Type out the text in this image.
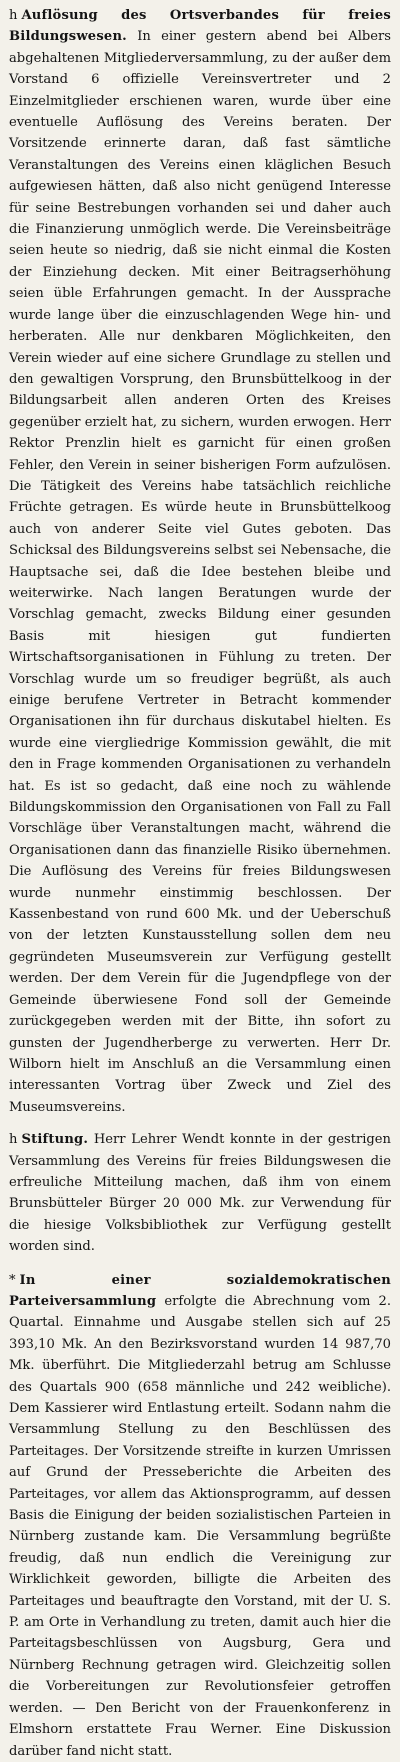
h Auflösung des Ortsverbandes für freies Bildungswesen. In einer gestern abend bei Albers abgehaltenen Mitgliederversammlung, zu der außer dem Vorstand 6 offizielle Vereinsvertreter und 2 Einzelmitglieder erschienen waren, wurde über eine eventuelle Auflösung des Vereins beraten. Der Vorsitzende erinnerte daran, daß fast sämtliche Veranstaltungen des Vereins einen kläglichen Besuch aufgewiesen hätten, daß also nicht genügend Interesse für seine Bestrebungen vorhanden sei und daher auch die Finanzierung unmöglich werde. Die Vereinsbeiträge seien heute so niedrig, daß sie nicht einmal die Kosten der Einziehung decken. Mit einer Beitragserhöhung seien üble Erfahrungen gemacht. In der Aussprache wurde lange über die einzuschlagenden Wege hin- und herberaten. Alle nur denkbaren Möglichkeiten, den Verein wieder auf eine sichere Grundlage zu stellen und den gewaltigen Vorsprung, den Brunsbüttelkoog in der Bildungsarbeit allen anderen Orten des Kreises gegenüber erzielt hat, zu sichern, wurden erwogen. Herr Rektor Prenzlin hielt es garnicht für einen großen Fehler, den Verein in seiner bisherigen Form aufzulösen. Die Tätigkeit des Vereins habe tatsächlich reichliche Früchte getragen. Es würde heute in Brunsbüttelkoog auch von anderer Seite viel Gutes geboten. Das Schicksal des Bildungsvereins selbst sei Nebensache, die Hauptsache sei, daß die Idee bestehen bleibe und weiterwirke. Nach langen Beratungen wurde der Vorschlag gemacht, zwecks Bildung einer gesunden Basis mit hiesigen gut fundierten Wirtschaftsorganisationen in Fühlung zu treten. Der Vorschlag wurde um so freudiger begrüßt, als auch einige berufene Vertreter in Betracht kommender Organisationen ihn für durchaus diskutabel hielten. Es wurde eine viergliedrige Kommission gewählt, die mit den in Frage kommenden Organisationen zu verhandeln hat. Es ist so gedacht, daß eine noch zu wählende Bildungskommission den Organisationen von Fall zu Fall Vorschläge über Veranstaltungen macht, während die Organisationen dann das finanzielle Risiko übernehmen. Die Auflösung des Vereins für freies Bildungswesen wurde nunmehr einstimmig beschlossen. Der Kassenbestand von rund 600 Mk. und der Ueberschuß von der letzten Kunstausstellung sollen dem neu gegründeten Museumsverein zur Verfügung gestellt werden. Der dem Verein für die Jugendpflege von der Gemeinde überwiesene Fond soll der Gemeinde zurückgegeben werden mit der Bitte, ihn sofort zu gunsten der Jugendherberge zu verwerten. Herr Dr. Wilborn hielt im Anschluß an die Versammlung einen interessanten Vortrag über Zweck und Ziel des Museumsvereins.

h Stiftung. Herr Lehrer Wendt konnte in der gestrigen Versammlung des Vereins für freies Bildungswesen die erfreuliche Mitteilung machen, daß ihm von einem Brunsbütteler Bürger 20 000 Mk. zur Verwendung für die hiesige Volksbibliothek zur Verfügung gestellt worden sind.

* In einer sozialdemokratischen Parteiversammlung erfolgte die Abrechnung vom 2. Quartal. Einnahme und Ausgabe stellen sich auf 25 393,10 Mk. An den Bezirksvorstand wurden 14 987,70 Mk. überführt. Die Mitgliederzahl betrug am Schlusse des Quartals 900 (658 männliche und 242 weibliche). Dem Kassierer wird Entlastung erteilt. Sodann nahm die Versammlung Stellung zu den Beschlüssen des Parteitages. Der Vorsitzende streifte in kurzen Umrissen auf Grund der Presseberichte die Arbeiten des Parteitages, vor allem das Aktionsprogramm, auf dessen Basis die Einigung der beiden sozialistischen Parteien in Nürnberg zustande kam. Die Versammlung begrüßte freudig, daß nun endlich die Vereinigung zur Wirklichkeit geworden, billigte die Arbeiten des Parteitages und beauftragte den Vorstand, mit der U. S. P. am Orte in Verhandlung zu treten, damit auch hier die Parteitagsbeschlüssen von Augsburg, Gera und Nürnberg Rechnung getragen wird. Gleichzeitig sollen die Vorbereitungen zur Revolutionsfeier getroffen werden. — Den Bericht von der Frauenkonferenz in Elmshorn erstattete Frau Werner. Eine Diskussion darüber fand nicht statt.
